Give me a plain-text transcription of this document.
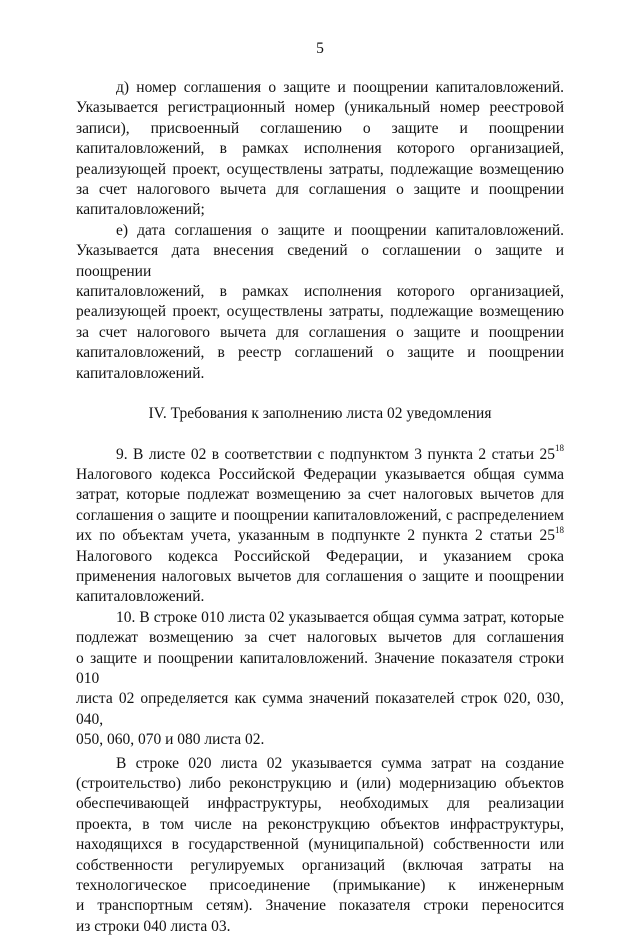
5

д) номер соглашения о защите и поощрении капиталовложений.

Указывается регистрационный номер (уникальный номер реестровой

записи), присвоенный соглашению о защите и поощрении

капиталовложений, в рамках исполнения которого организацией,

реализующей проект, осуществлены затраты, подлежащие возмещению

за счет налогового вычета для соглашения о защите и поощрении

капиталовложений;

е) дата соглашения о защите и поощрении капиталовложений.

Указывается дата внесения сведений о соглашении о защите и поощрении

капиталовложений, в рамках исполнения которого организацией,

реализующей проект, осуществлены затраты, подлежащие возмещению

за счет налогового вычета для соглашения о защите и поощрении

капиталовложений, в реестр соглашений о защите и поощрении

капиталовложений.

IV. Требования к заполнению листа 02 уведомления

9. В листе 02 в соответствии с подпунктом 3 пункта 2 статьи $25^{18}$

Налогового кодекса Российской Федерации указывается общая сумма

затрат, которые подлежат возмещению за счет налоговых вычетов для

соглашения о защите и поощрении капиталовложений, с распределением

их по объектам учета, указанным в подпункте 2 пункта 2 статьи $25^{18}$

Налогового кодекса Российской Федерации, и указанием срока

применения налоговых вычетов для соглашения о защите и поощрении

капиталовложений.

10. В строке 010 листа 02 указывается общая сумма затрат, которые

подлежат возмещению за счет налоговых вычетов для соглашения

о защите и поощрении капиталовложений. Значение показателя строки 010

листа 02 определяется как сумма значений показателей строк 020, 030, 040,

050, 060, 070 и 080 листа 02.

В строке 020 листа 02 указывается сумма затрат на создание

(строительство) либо реконструкцию и (или) модернизацию объектов

обеспечивающей инфраструктуры, необходимых для реализации

проекта, в том числе на реконструкцию объектов инфраструктуры,

находящихся в государственной (муниципальной) собственности или

собственности регулируемых организаций (включая затраты на

технологическое присоединение (примыкание) к инженерным

и транспортным сетям). Значение показателя строки переносится

из строки 040 листа 03.
